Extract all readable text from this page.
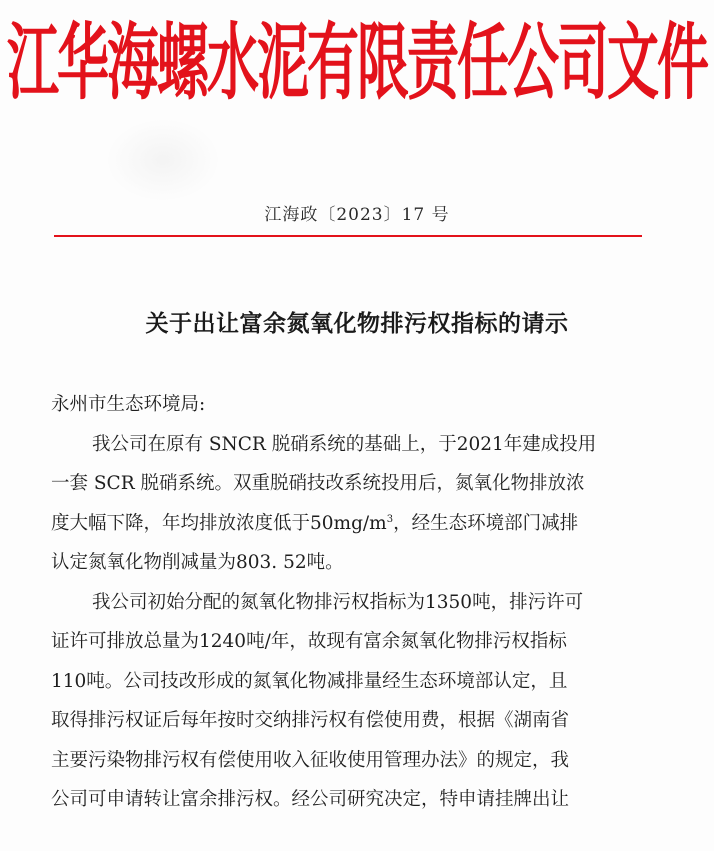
江华海螺水泥有限责任公司文件
江海政〔2023〕17 号
关于出让富余氮氧化物排污权指标的请示
永州市生态环境局:
我公司在原有 SNCR 脱硝系统的基础上，于2021年建成投用
一套 SCR 脱硝系统。双重脱硝技改系统投用后，氮氧化物排放浓
度大幅下降，年均排放浓度低于$50mg/m^3$，经生态环境部门减排
认定氮氧化物削减量为803. 52吨。
我公司初始分配的氮氧化物排污权指标为1350吨，排污许可
证许可排放总量为1240吨/年，故现有富余氮氧化物排污权指标
110吨。公司技改形成的氮氧化物减排量经生态环境部认定，且
取得排污权证后每年按时交纳排污权有偿使用费，根据《湖南省
主要污染物排污权有偿使用收入征收使用管理办法》的规定，我
公司可申请转让富余排污权。经公司研究决定，特申请挂牌出让
